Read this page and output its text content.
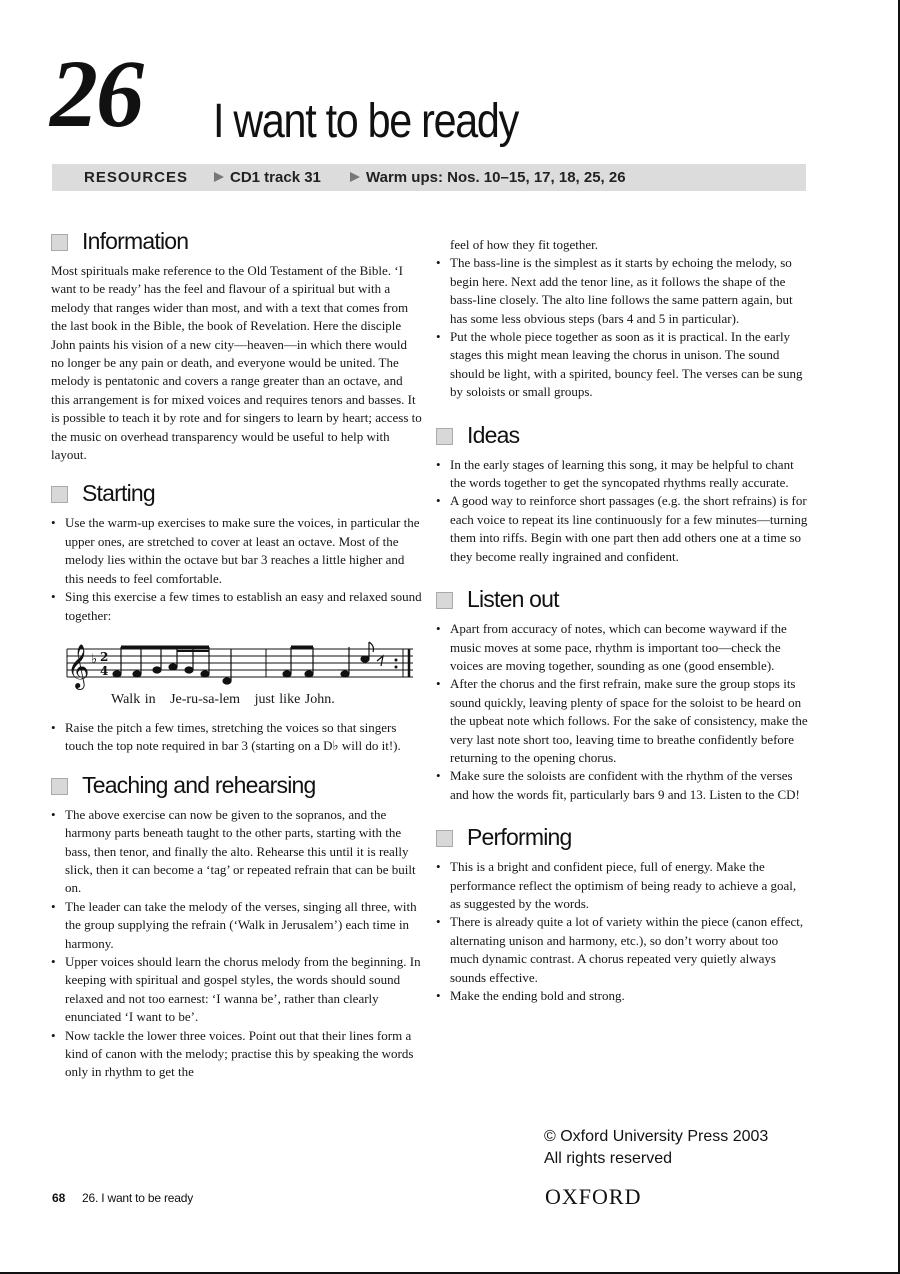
26 I want to be ready
RESOURCES	CD1 track 31	Warm ups: Nos. 10–15, 17, 18, 25, 26
Information

Most spirituals make reference to the Old Testament of the Bible. ‘I want to be ready’ has the feel and flavour of a spiritual but with a melody that ranges wider than most, and with a text that comes from the last book in the Bible, the book of Revelation. Here the disciple John paints his vision of a new city—heaven—in which there would no longer be any pain or death, and everyone would be united. The melody is pentatonic and covers a range greater than an octave, and this arrangement is for mixed voices and requires tenors and basses. It is possible to teach it by rote and for singers to learn by heart; access to the music on overhead transparency would be useful to help with layout.

Starting
• Use the warm-up exercises to make sure the voices, in particular the upper ones, are stretched to cover at least an octave. Most of the melody lies within the octave but bar 3 reaches a little higher and this needs to feel comfortable.
• Sing this exercise a few times to establish an easy and relaxed sound together:
𝄞 ♭ 2
4
Walk in Je-ru-sa-lem just like John.
• Raise the pitch a few times, stretching the voices so that singers touch the top note required in bar 3 (starting on a D♭ will do it!).
Teaching and rehearsing
• The above exercise can now be given to the sopranos, and the harmony parts beneath taught to the other parts, starting with the bass, then tenor, and finally the alto. Rehearse this until it is really slick, then it can become a ‘tag’ or repeated refrain that can be built on.
• The leader can take the melody of the verses, singing all three, with the group supplying the refrain (‘Walk in Jerusalem’) each time in harmony.
• Upper voices should learn the chorus melody from the beginning. In keeping with spiritual and gospel styles, the words should sound relaxed and not too earnest: ‘I wanna be’, rather than clearly enunciated ‘I want to be’.
• Now tackle the lower three voices. Point out that their lines form a kind of canon with the melody; practise this by speaking the words only in rhythm to get the

feel of how they fit together.

• The bass-line is the simplest as it starts by echoing the melody, so begin here. Next add the tenor line, as it follows the shape of the bass-line closely. The alto line follows the same pattern again, but has some less obvious steps (bars 4 and 5 in particular).
• Put the whole piece together as soon as it is practical. In the early stages this might mean leaving the chorus in unison. The sound should be light, with a spirited, bouncy feel. The verses can be sung by soloists or small groups.
Ideas
• In the early stages of learning this song, it may be helpful to chant the words together to get the syncopated rhythms really accurate.
• A good way to reinforce short passages (e.g. the short refrains) is for each voice to repeat its line continuously for a few minutes—turning them into riffs. Begin with one part then add others one at a time so they become really ingrained and confident.
Listen out
• Apart from accuracy of notes, which can become wayward if the music moves at some pace, rhythm is important too—check the voices are moving together, sounding as one (good ensemble).
• After the chorus and the first refrain, make sure the group stops its sound quickly, leaving plenty of space for the soloist to be heard on the upbeat note which follows. For the sake of consistency, make the very last note short too, leaving time to breathe confidently before returning to the opening chorus.
• Make sure the soloists are confident with the rhythm of the verses and how the words fit, particularly bars 9 and 13. Listen to the CD!
Performing
• This is a bright and confident piece, full of energy. Make the performance reflect the optimism of being ready to achieve a goal, as suggested by the words.
• There is already quite a lot of variety within the piece (canon effect, alternating unison and harmony, etc.), so don’t worry about too much dynamic contrast. A chorus repeated very quietly always sounds effective.
• Make the ending bold and strong.
© Oxford University Press 2003
All rights reserved
68 26. I want to be ready	OXFORD
